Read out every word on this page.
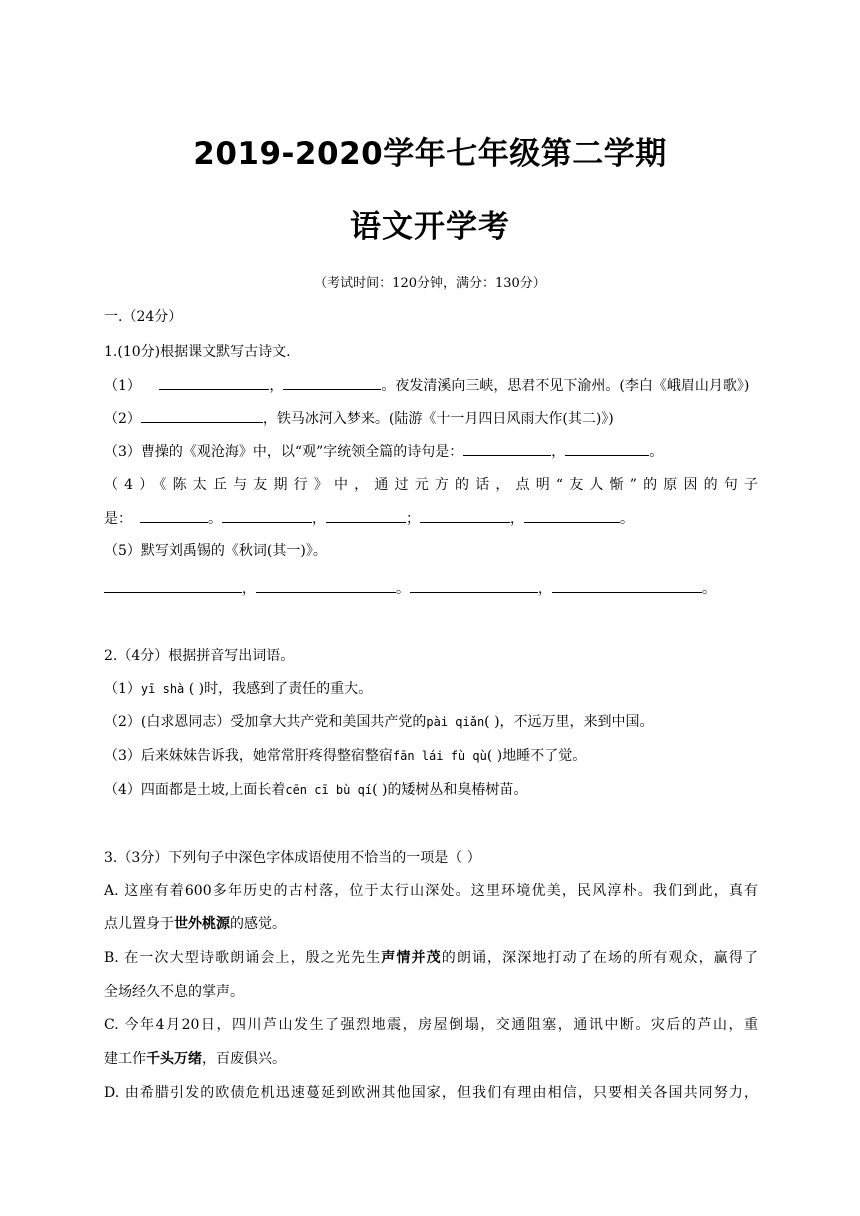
2019-2020学年七年级第二学期
语文开学考
（考试时间：120分钟，满分：130分）
一.（24分）
1.(10分)根据课文默写古诗文.
（1）	，	。夜发清溪向三峡，思君不见下渝州。(李白《峨眉山月歌》)
（2）	，铁马冰河入梦来。(陆游《十一月四日风雨大作(其二)》)
（3）曹操的《观沧海》中，以“观”字统领全篇的诗句是：	，	。
（4）《陈太丘与友期行》中，通过元方的话，点明“友人惭”的原因的句子
是：	。	，	；	，	。
（5）默写刘禹锡的《秋词(其一)》。
，	。	，	。
2.（4分）根据拼音写出词语。
（1）yī shà ( )时，我感到了责任的重大。
（2）(白求恩同志）受加拿大共产党和美国共产党的pài qiǎn( )，不远万里，来到中国。
（3）后来妹妹告诉我，她常常肝疼得整宿整宿fān lái fù qù( )地睡不了觉。
（4）四面都是土坡,上面长着cēn cī bù qí( )的矮树丛和臭椿树苗。
3.（3分）下列句子中深色字体成语使用不恰当的一项是（ ）
A. 这座有着600多年历史的古村落，位于太行山深处。这里环境优美，民风淳朴。我们到此，真有
点儿置身于世外桃源的感觉。
B. 在一次大型诗歌朗诵会上，殷之光先生声情并茂的朗诵，深深地打动了在场的所有观众，赢得了
全场经久不息的掌声。
C. 今年4月20日，四川芦山发生了强烈地震，房屋倒塌，交通阻塞，通讯中断。灾后的芦山，重
建工作千头万绪，百废俱兴。
D. 由希腊引发的欧债危机迅速蔓延到欧洲其他国家，但我们有理由相信，只要相关各国共同努力，
